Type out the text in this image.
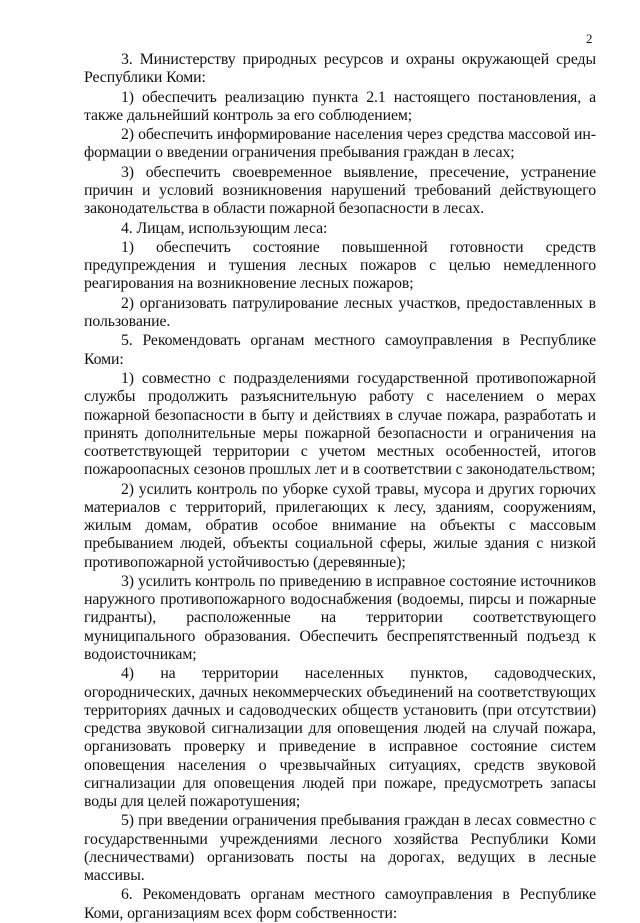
2

3. Министерству природных ресурсов и охраны окружающей среды Республики Коми:

1) обеспечить реализацию пункта 2.1 настоящего постановления, а также дальнейший контроль за его соблюдением;

2) обеспечить информирование населения через средства массовой информации о введении ограничения пребывания граждан в лесах;

3) обеспечить своевременное выявление, пресечение, устранение причин и условий возникновения нарушений требований действующего законодательства в области пожарной безопасности в лесах.

4. Лицам, использующим леса:

1) обеспечить состояние повышенной готовности средств предупреждения и тушения лесных пожаров с целью немедленного реагирования на возникновение лесных пожаров;

2) организовать патрулирование лесных участков, предоставленных в пользование.

5. Рекомендовать органам местного самоуправления в Республике Коми:

1) совместно с подразделениями государственной противопожарной службы продолжить разъяснительную работу с населением о мерах пожарной безопасности в быту и действиях в случае пожара, разработать и принять дополнительные меры пожарной безопасности и ограничения на соответствующей территории с учетом местных особенностей, итогов пожароопасных сезонов прошлых лет и в соответствии с законодательством;

2) усилить контроль по уборке сухой травы, мусора и других горючих материалов с территорий, прилегающих к лесу, зданиям, сооружениям, жилым домам, обратив особое внимание на объекты с массовым пребыванием людей, объекты социальной сферы, жилые здания с низкой противопожарной устойчивостью (деревянные);

3) усилить контроль по приведению в исправное состояние источников наружного противопожарного водоснабжения (водоемы, пирсы и пожарные гидранты), расположенные на территории соответствующего муниципального образования. Обеспечить беспрепятственный подъезд к водоисточникам;

4) на территории населенных пунктов, садоводческих, огороднических, дачных некоммерческих объединений на соответствующих территориях дачных и садоводческих обществ установить (при отсутствии) средства звуковой сигнализации для оповещения людей на случай пожара, организовать проверку и приведение в исправное состояние систем оповещения населения о чрезвычайных ситуациях, средств звуковой сигнализации для оповещения людей при пожаре, предусмотреть запасы воды для целей пожаротушения;

5) при введении ограничения пребывания граждан в лесах совместно с государственными учреждениями лесного хозяйства Республики Коми (лесничествами) организовать посты на дорогах, ведущих в лесные массивы.

6. Рекомендовать органам местного самоуправления в Республике Коми, организациям всех форм собственности:
